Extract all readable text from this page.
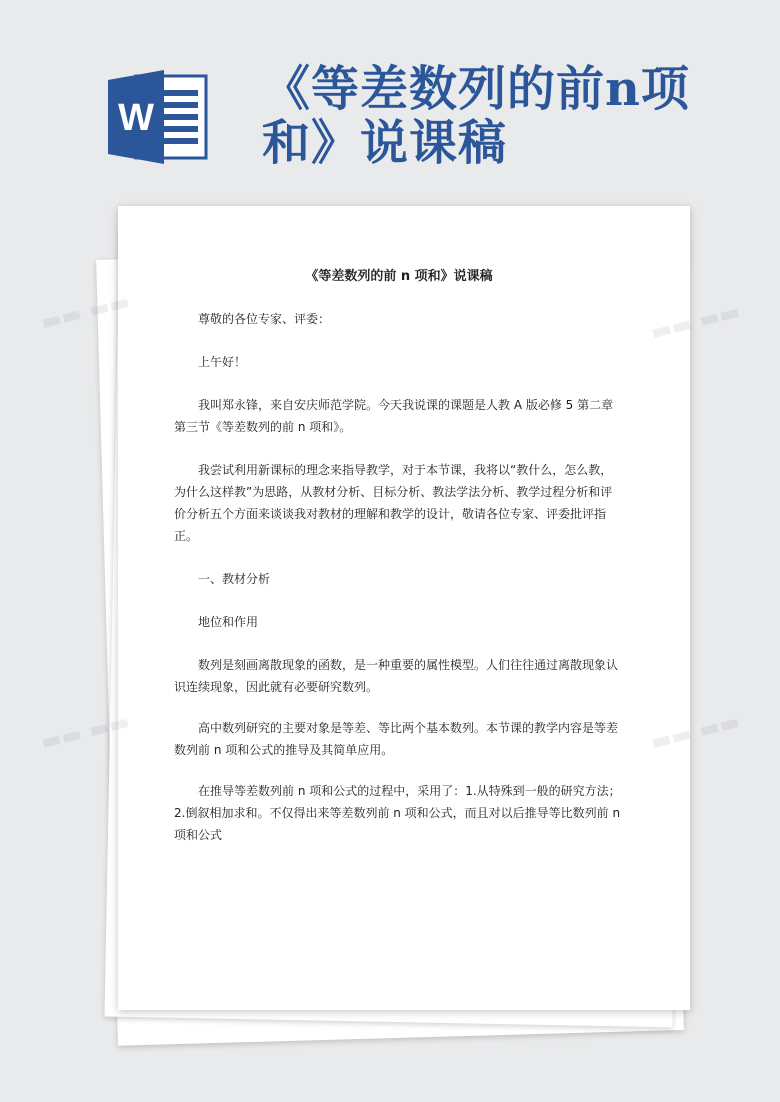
W
《等差数列的前n项和》说课稿
▬▬ ▬▬	▬▬ ▬▬
▬▬ ▬▬	▬▬ ▬▬
《等差数列的前 n 项和》说课稿

尊敬的各位专家、评委：

上午好！

我叫郑永锋，来自安庆师范学院。今天我说课的课题是人教 A 版必修 5 第二章第三节《等差数列的前 n 项和》。

我尝试利用新课标的理念来指导教学，对于本节课，我将以“教什么，怎么教，为什么这样教”为思路，从教材分析、目标分析、教法学法分析、教学过程分析和评价分析五个方面来谈谈我对教材的理解和教学的设计，敬请各位专家、评委批评指正。

一、教材分析

地位和作用

数列是刻画离散现象的函数，是一种重要的属性模型。人们往往通过离散现象认识连续现象，因此就有必要研究数列。

高中数列研究的主要对象是等差、等比两个基本数列。本节课的教学内容是等差数列前 n 项和公式的推导及其简单应用。

在推导等差数列前 n 项和公式的过程中，采用了：1.从特殊到一般的研究方法；2.倒叙相加求和。不仅得出来等差数列前 n 项和公式，而且对以后推导等比数列前 n 项和公式
